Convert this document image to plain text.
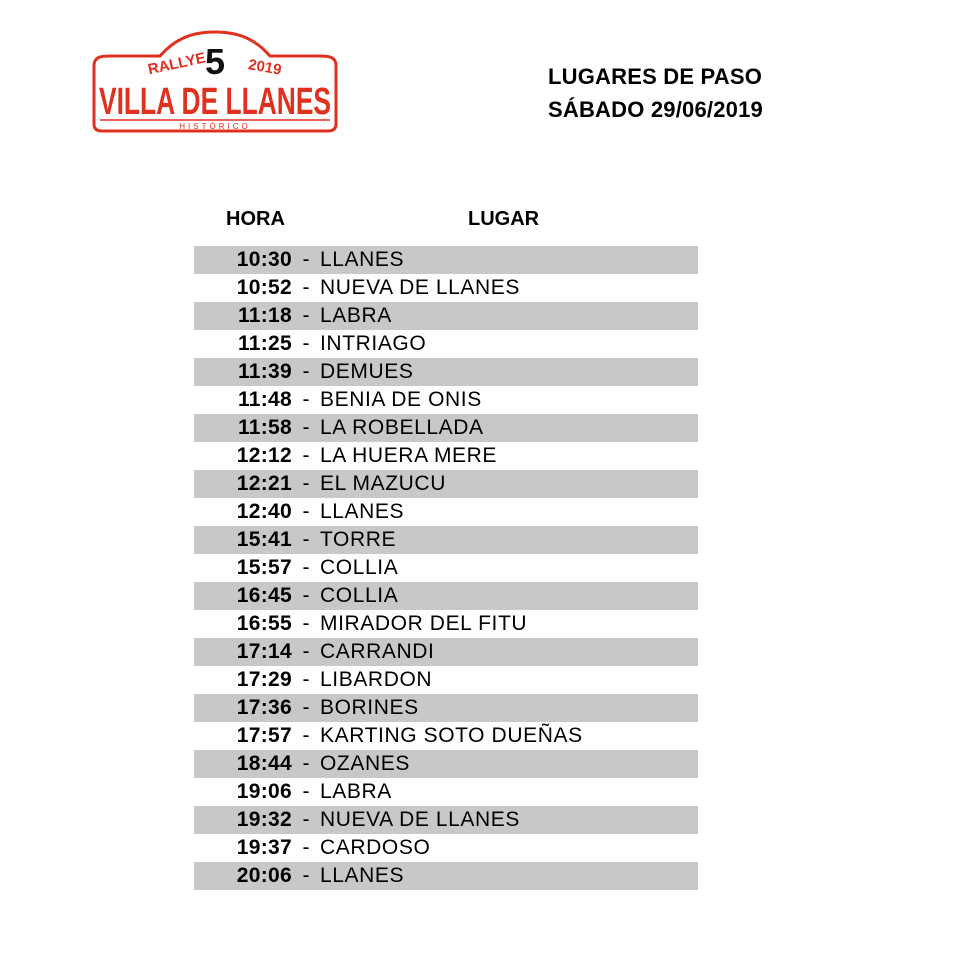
RALLYE
5 2019
VILLA DE LLANES
HISTÓRICO
LUGARES DE PASO
SÁBADO 29/06/2019
HORA	LUGAR
10:30 - LLANES
10:52 - NUEVA DE LLANES
11:18 - LABRA
11:25 - INTRIAGO
11:39 - DEMUES
11:48 - BENIA DE ONIS
11:58 - LA ROBELLADA
12:12 - LA HUERA MERE
12:21 - EL MAZUCU
12:40 - LLANES
15:41 - TORRE
15:57 - COLLIA
16:45 - COLLIA
16:55 - MIRADOR DEL FITU
17:14 - CARRANDI
17:29 - LIBARDON
17:36 - BORINES
17:57 - KARTING SOTO DUEÑAS
18:44 - OZANES
19:06 - LABRA
19:32 - NUEVA DE LLANES
19:37 - CARDOSO
20:06 - LLANES
